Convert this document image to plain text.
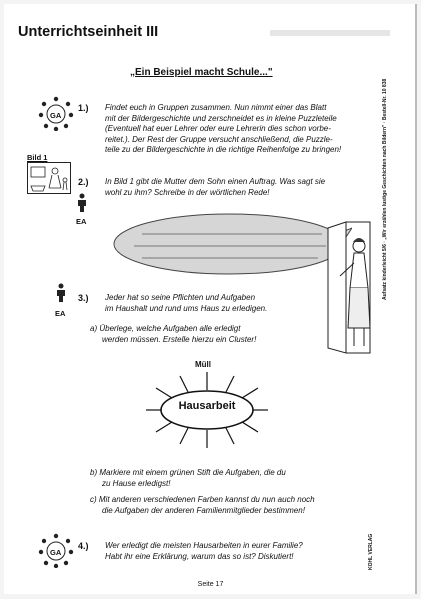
Unterrichtseinheit III
„Ein Beispiel macht Schule..."
GA
1.) Findet euch in Gruppen zusammen. Nun nimmt einer das Blatt
mit der Bildergeschichte und zerschneidet es in kleine Puzzleteile
(Eventuell hat euer Lehrer oder eure Lehrerin dies schon vorbe-
reitet.). Der Rest der Gruppe versucht anschließend, die Puzzle-
teile zu der Bildergeschichte in die richtige Reihenfolge zu bringen!
Bild 1
EA
2.) In Bild 1 gibt die Mutter dem Sohn einen Auftrag. Was sagt sie
wohl zu ihm? Schreibe in der wörtlichen Rede!
EA
3.) Jeder hat so seine Pflichten und Aufgaben
im Haushalt und rund ums Haus zu erledigen.
a) Überlege, welche Aufgaben alle erledigt
werden müssen. Erstelle hierzu ein Cluster!
Müll
Hausarbeit
b) Markiere mit einem grünen Stift die Aufgaben, die du
zu Hause erledigst!
c) Mit anderen verschiedenen Farben kannst du nun auch noch
die Aufgaben der anderen Familienmitglieder bestimmen!
GA
4.) Wer erledigt die meisten Hausarbeiten in eurer Familie?
Habt ihr eine Erklärung, warum das so ist? Diskutiert!
Aufsatz kinderleicht 5/6 · „Wir erzählen lustige Geschichten nach Bildern" · Bestell-Nr. 10 838
KOHL VERLAG
Seite 17
